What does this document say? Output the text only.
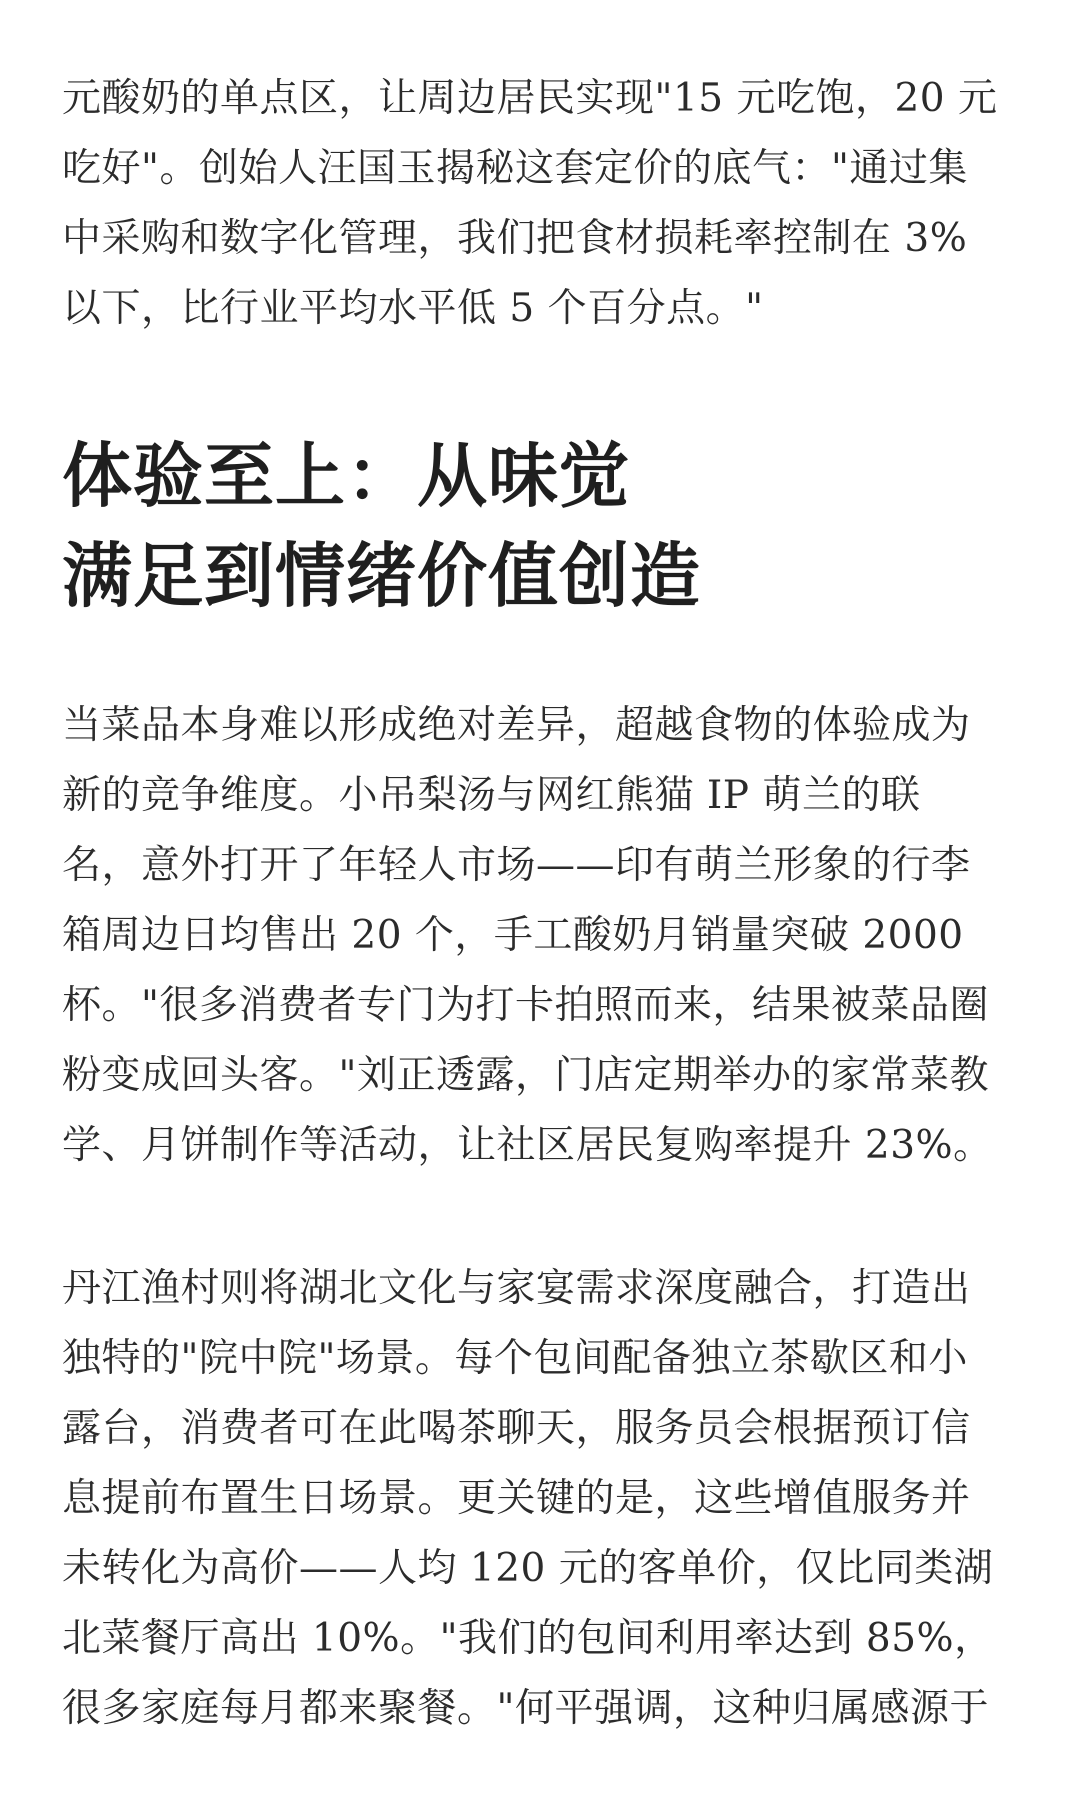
元酸奶的单点区，让周边居民实现"15 元吃饱，20 元
吃好"。创始人汪国玉揭秘这套定价的底气："通过集
中采购和数字化管理，我们把食材损耗率控制在 3%
以下，比行业平均水平低 5 个百分点。"

体验至上：从味觉
满足到情绪价值创造

当菜品本身难以形成绝对差异，超越食物的体验成为
新的竞争维度。小吊梨汤与网红熊猫 IP 萌兰的联
名，意外打开了年轻人市场——印有萌兰形象的行李
箱周边日均售出 20 个，手工酸奶月销量突破 2000
杯。"很多消费者专门为打卡拍照而来，结果被菜品圈
粉变成回头客。"刘正透露，门店定期举办的家常菜教
学、月饼制作等活动，让社区居民复购率提升 23%。

丹江渔村则将湖北文化与家宴需求深度融合，打造出
独特的"院中院"场景。每个包间配备独立茶歇区和小
露台，消费者可在此喝茶聊天，服务员会根据预订信
息提前布置生日场景。更关键的是，这些增值服务并
未转化为高价——人均 120 元的客单价，仅比同类湖
北菜餐厅高出 10%。"我们的包间利用率达到 85%，
很多家庭每月都来聚餐。"何平强调，这种归属感源于
